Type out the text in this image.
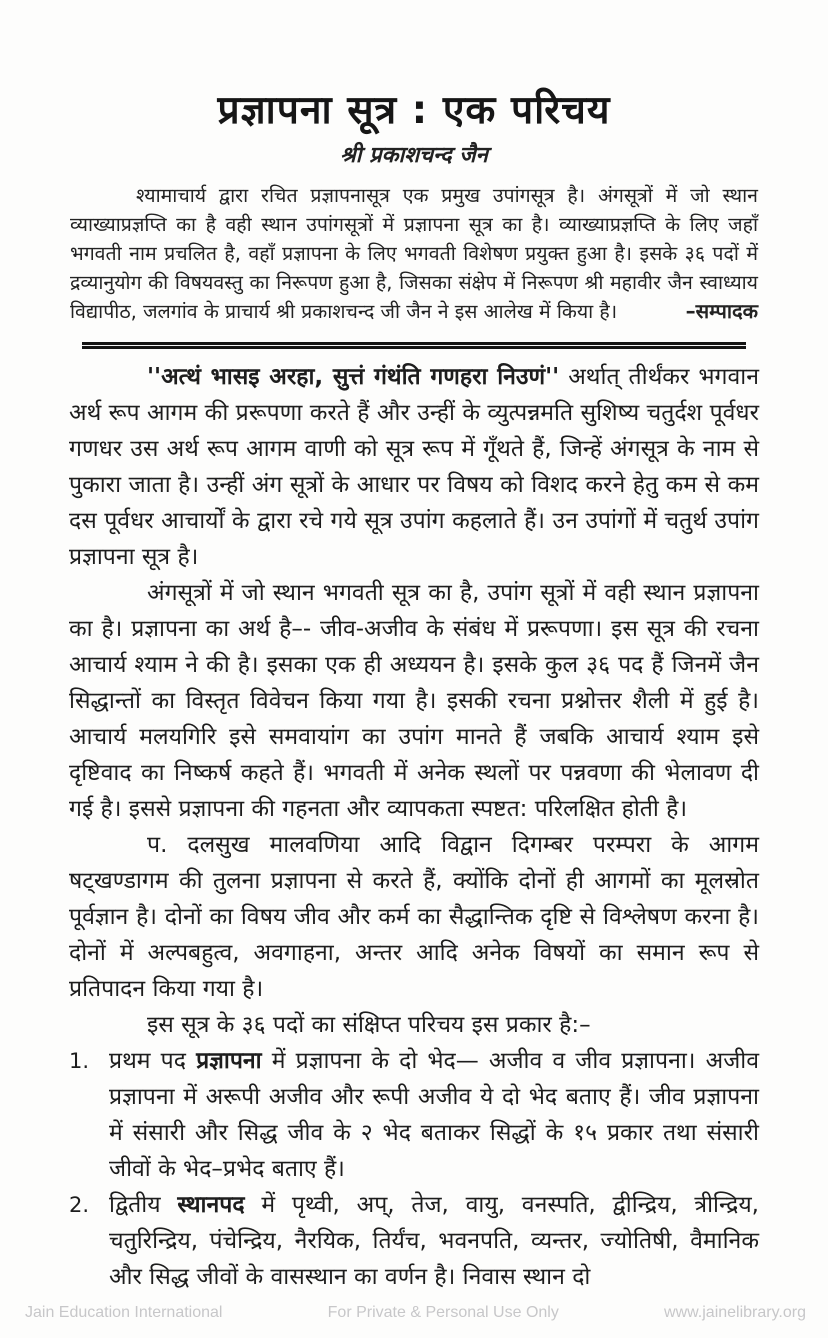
प्रज्ञापना सूत्र : एक परिचय
श्री प्रकाशचन्द जैन

श्यामाचार्य द्वारा रचित प्रज्ञापनासूत्र एक प्रमुख उपांगसूत्र है। अंगसूत्रों में जो स्थान व्याख्याप्रज्ञप्ति का है वही स्थान उपांगसूत्रों में प्रज्ञापना सूत्र का है। व्याख्याप्रज्ञप्ति के लिए जहाँ भगवती नाम प्रचलित है, वहाँ प्रज्ञापना के लिए भगवती विशेषण प्रयुक्त हुआ है। इसके ३६ पदों में द्रव्यानुयोग की विषयवस्तु का निरूपण हुआ है, जिसका संक्षेप में निरूपण श्री महावीर जैन स्वाध्याय विद्यापीठ, जलगांव के प्राचार्य श्री प्रकाशचन्द जी जैन ने इस आलेख में किया है।	–सम्पादक

''अत्थं भासइ अरहा, सुत्तं गंथंति गणहरा निउणं'' अर्थात् तीर्थंकर भगवान अर्थ रूप आगम की प्ररूपणा करते हैं और उन्हीं के व्युत्पन्नमति सुशिष्य चतुर्दश पूर्वधर गणधर उस अर्थ रूप आगम वाणी को सूत्र रूप में गूँथते हैं, जिन्हें अंगसूत्र के नाम से पुकारा जाता है। उन्हीं अंग सूत्रों के आधार पर विषय को विशद करने हेतु कम से कम दस पूर्वधर आचार्यों के द्वारा रचे गये सूत्र उपांग कहलाते हैं। उन उपांगों में चतुर्थ उपांग प्रज्ञापना सूत्र है।

अंगसूत्रों में जो स्थान भगवती सूत्र का है, उपांग सूत्रों में वही स्थान प्रज्ञापना का है। प्रज्ञापना का अर्थ है–- जीव-अजीव के संबंध में प्ररूपणा। इस सूत्र की रचना आचार्य श्याम ने की है। इसका एक ही अध्ययन है। इसके कुल ३६ पद हैं जिनमें जैन सिद्धान्तों का विस्तृत विवेचन किया गया है। इसकी रचना प्रश्नोत्तर शैली में हुई है। आचार्य मलयगिरि इसे समवायांग का उपांग मानते हैं जबकि आचार्य श्याम इसे दृष्टिवाद का निष्कर्ष कहते हैं। भगवती में अनेक स्थलों पर पन्नवणा की भेलावण दी गई है। इससे प्रज्ञापना की गहनता और व्यापकता स्पष्टत: परिलक्षित होती है।

प. दलसुख मालवणिया आदि विद्वान दिगम्बर परम्परा के आगम षट्खण्डागम की तुलना प्रज्ञापना से करते हैं, क्योंकि दोनों ही आगमों का मूलस्रोत पूर्वज्ञान है। दोनों का विषय जीव और कर्म का सैद्धान्तिक दृष्टि से विश्लेषण करना है। दोनों में अल्पबहुत्व, अवगाहना, अन्तर आदि अनेक विषयों का समान रूप से प्रतिपादन किया गया है।

इस सूत्र के ३६ पदों का संक्षिप्त परिचय इस प्रकार है:–

1. प्रथम पद प्रज्ञापना में प्रज्ञापना के दो भेद— अजीव व जीव प्रज्ञापना। अजीव प्रज्ञापना में अरूपी अजीव और रूपी अजीव ये दो भेद बताए हैं। जीव प्रज्ञापना में संसारी और सिद्ध जीव के २ भेद बताकर सिद्धों के १५ प्रकार तथा संसारी जीवों के भेद–प्रभेद बताए हैं।
2. द्वितीय स्थानपद में पृथ्वी, अप्, तेज, वायु, वनस्पति, द्वीन्द्रिय, त्रीन्द्रिय, चतुरिन्द्रिय, पंचेन्द्रिय, नैरयिक, तिर्यंच, भवनपति, व्यन्तर, ज्योतिषी, वैमानिक और सिद्ध जीवों के वासस्थान का वर्णन है। निवास स्थान दो
Jain Education International	For Private & Personal Use Only	www.jainelibrary.org
